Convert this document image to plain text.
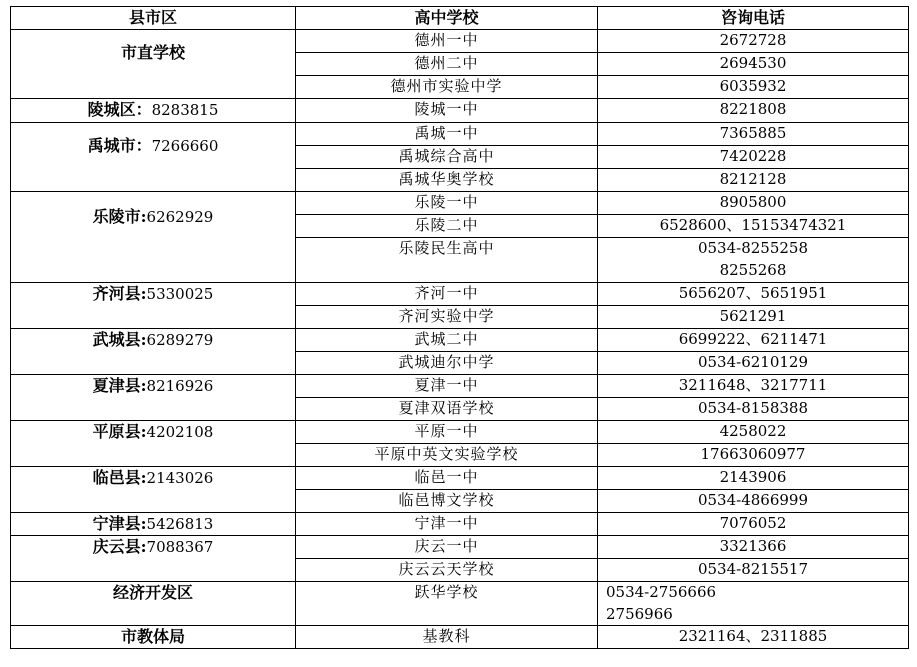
县市区	高中学校	咨询电话
市直学校	德州一中	2672728
	德州二中	2694530
	德州市实验中学	6035932
陵城区：8283815	陵城一中	8221808
禹城市：7266660	禹城一中	7365885
	禹城综合高中	7420228
	禹城华奥学校	8212128
乐陵市:6262929	乐陵一中	8905800
	乐陵二中	6528600、15153474321
	乐陵民生高中	0534-8255258
		8255268
齐河县:5330025	齐河一中	5656207、5651951
	齐河实验中学	5621291
武城县:6289279	武城二中	6699222、6211471
	武城迪尔中学	0534-6210129
夏津县:8216926	夏津一中	3211648、3217711
	夏津双语学校	0534-8158388
平原县:4202108	平原一中	4258022
	平原中英文实验学校	17663060977
临邑县:2143026	临邑一中	2143906
	临邑博文学校	0534-4866999
宁津县:5426813	宁津一中	7076052
庆云县:7088367	庆云一中	3321366
	庆云云天学校	0534-8215517
经济开发区	跃华学校	0534-2756666
2756966

市教体局	基教科	2321164、2311885
